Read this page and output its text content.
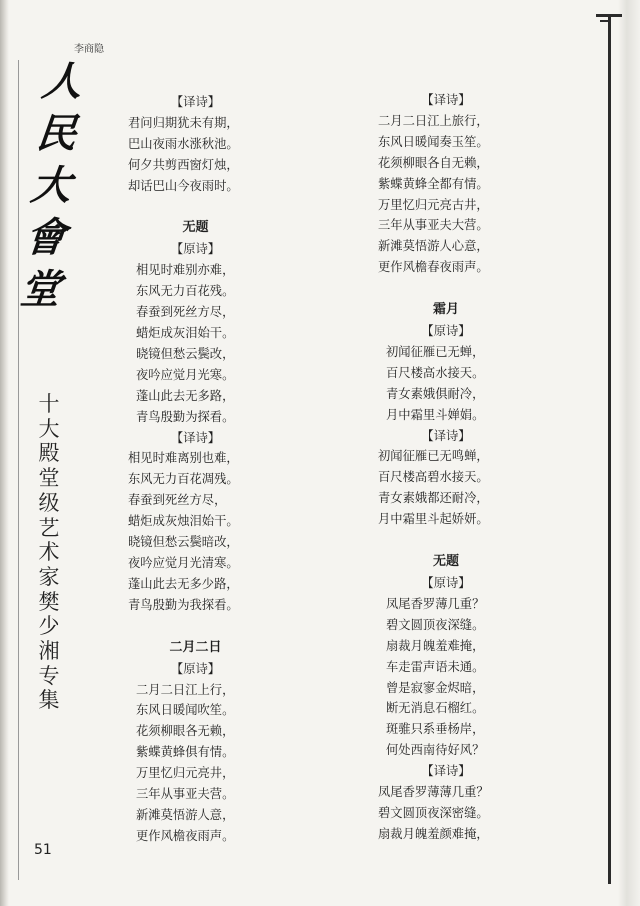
李商隐
人
民
大
會
堂
十
大
殿
堂
级
艺
术
家
樊
少
湘
专
集
【译诗】
君问归期犹未有期，
巴山夜雨水涨秋池。
何夕共剪西窗灯烛，
却话巴山今夜雨时。
无题
【原诗】
相见时难别亦难，
东风无力百花残。
春蚕到死丝方尽，
蜡炬成灰泪始干。
晓镜但愁云鬓改，
夜吟应觉月光寒。
蓬山此去无多路，
青鸟殷勤为探看。
【译诗】
相见时难离别也难，
东风无力百花凋残。
春蚕到死丝方尽，
蜡炬成灰烛泪始干。
晓镜但愁云鬓暗改，
夜吟应觉月光清寒。
蓬山此去无多少路，
青鸟殷勤为我探看。
二月二日
【原诗】
二月二日江上行，
东风日暖闻吹笙。
花须柳眼各无赖，
紫蝶黄蜂俱有情。
万里忆归元亮井，
三年从事亚夫营。
新滩莫悟游人意，
更作风檐夜雨声。
【译诗】
二月二日江上旅行，
东风日暖闻奏玉笙。
花须柳眼各自无赖，
紫蝶黄蜂全都有情。
万里忆归元亮古井，
三年从事亚夫大营。
新滩莫悟游人心意，
更作风檐春夜雨声。
霜月
【原诗】
初闻征雁已无蝉，
百尺楼高水接天。
青女素娥俱耐冷，
月中霜里斗婵娟。
【译诗】
初闻征雁已无鸣蝉，
百尺楼高碧水接天。
青女素娥都还耐冷，
月中霜里斗起娇妍。
无题
【原诗】
凤尾香罗薄几重？
碧文圆顶夜深缝。
扇裁月魄羞难掩，
车走雷声语未通。
曾是寂寥金烬暗，
断无消息石榴红。
斑骓只系垂杨岸，
何处西南待好风？
【译诗】
凤尾香罗薄薄几重？
碧文圆顶夜深密缝。
扇裁月魄羞颜难掩，
51
